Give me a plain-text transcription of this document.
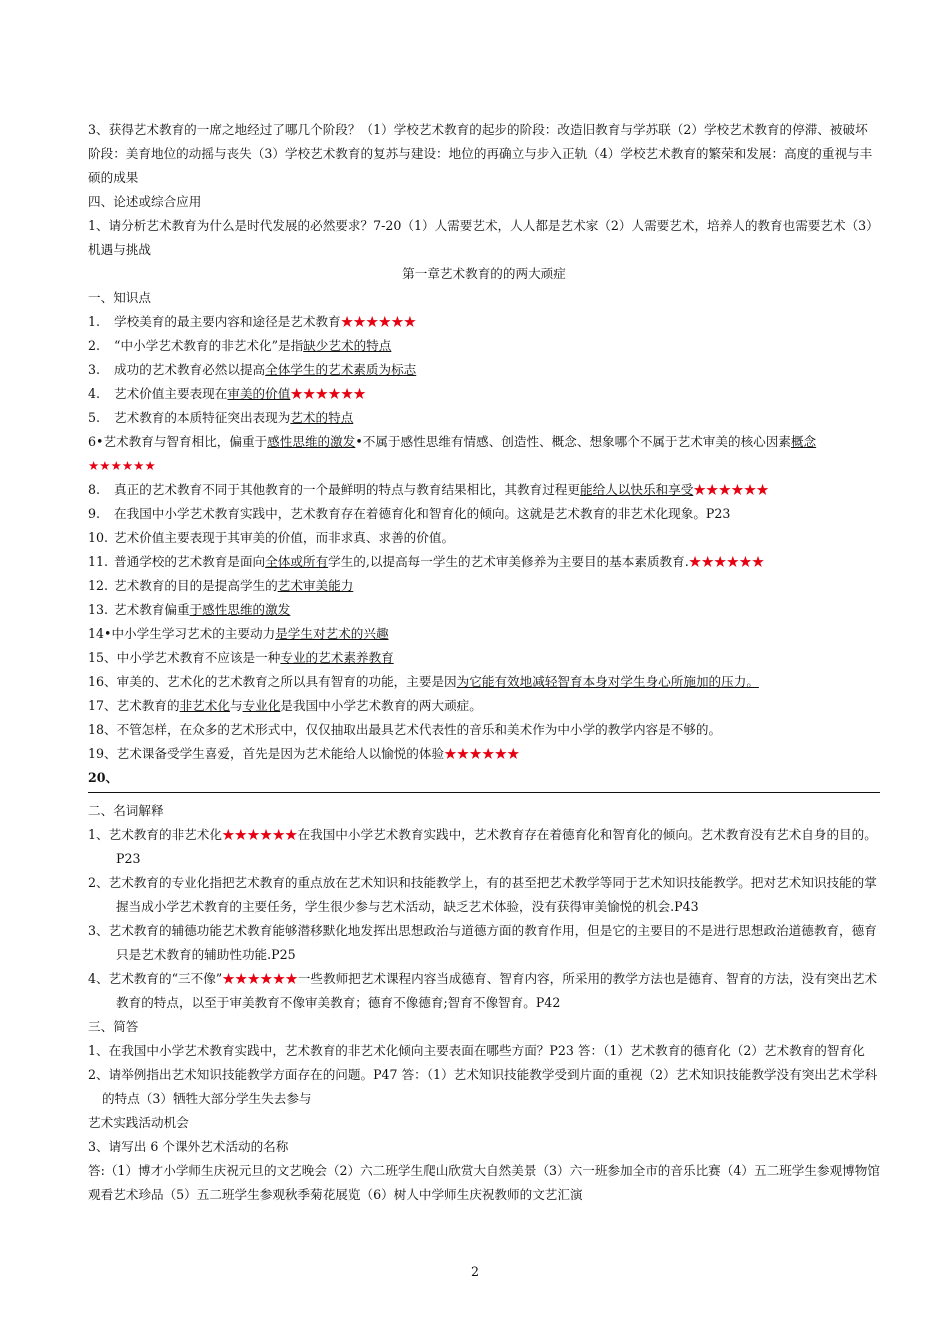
3、获得艺术教育的一席之地经过了哪几个阶段？（1）学校艺术教育的起步的阶段：改造旧教育与学苏联（2）学校艺术教育的停滞、被破坏阶段：美育地位的动摇与丧失（3）学校艺术教育的复苏与建设：地位的再确立与步入正轨（4）学校艺术教育的繁荣和发展：高度的重视与丰硕的成果
四、论述或综合应用
1、请分析艺术教育为什么是时代发展的必然要求？7-20（1）人需要艺术，人人都是艺术家（2）人需要艺术，培养人的教育也需要艺术（3）机遇与挑战
第一章艺术教育的的两大顽症
一、知识点
1. 学校美育的最主要内容和途径是艺术教育★★★★★★
2. “中小学艺术教育的非艺术化”是指缺少艺术的特点
3. 成功的艺术教育必然以提高全体学生的艺术素质为标志
4. 艺术价值主要表现在审美的价值★★★★★★
5. 艺术教育的本质特征突出表现为艺术的特点
6•艺术教育与智育相比，偏重于感性思维的激发•不属于感性思维有情感、创造性、概念、想象哪个不属于艺术审美的核心因素概念
★★★★★★
8. 真正的艺术教育不同于其他教育的一个最鲜明的特点与教育结果相比，其教育过程更能给人以快乐和享受★★★★★★
9. 在我国中小学艺术教育实践中，艺术教育存在着德育化和智育化的倾向。这就是艺术教育的非艺术化现象。P23
10. 艺术价值主要表现于其审美的价值，而非求真、求善的价值。
11. 普通学校的艺术教育是面向全体或所有学生的,以提高每一学生的艺术审美修养为主要目的基本素质教育.★★★★★★
12. 艺术教育的目的是提高学生的艺术审美能力
13. 艺术教育偏重于感性思维的激发
14•中小学生学习艺术的主要动力是学生对艺术的兴趣
15、中小学艺术教育不应该是一种专业的艺术素养教育
16、审美的、艺术化的艺术教育之所以具有智育的功能，主要是因为它能有效地减轻智育本身对学生身心所施加的压力。
17、艺术教育的非艺术化与专业化是我国中小学艺术教育的两大顽症。
18、不管怎样，在众多的艺术形式中，仅仅抽取出最具艺术代表性的音乐和美术作为中小学的教学内容是不够的。
19、艺术课备受学生喜爱，首先是因为艺术能给人以愉悦的体验★★★★★★
20、
二、名词解释
1、艺术教育的非艺术化★★★★★★在我国中小学艺术教育实践中，艺术教育存在着德育化和智育化的倾向。艺术教育没有艺术自身的目的。P23
2、艺术教育的专业化指把艺术教育的重点放在艺术知识和技能教学上，有的甚至把艺术教学等同于艺术知识技能教学。把对艺术知识技能的掌握当成小学艺术教育的主要任务，学生很少参与艺术活动，缺乏艺术体验，没有获得审美愉悦的机会.P43
3、艺术教育的辅德功能艺术教育能够潜移默化地发挥出思想政治与道德方面的教育作用，但是它的主要目的不是进行思想政治道德教育，德育只是艺术教育的辅助性功能.P25
4、艺术教育的“三不像”★★★★★★一些教师把艺术课程内容当成德育、智育内容，所采用的教学方法也是德育、智育的方法，没有突出艺术教育的特点，以至于审美教育不像审美教育；德育不像德育;智育不像智育。P42
三、简答
1、在我国中小学艺术教育实践中，艺术教育的非艺术化倾向主要表面在哪些方面？P23 答：（1）艺术教育的德育化（2）艺术教育的智育化
2、请举例指出艺术知识技能教学方面存在的问题。P47 答：（1）艺术知识技能教学受到片面的重视（2）艺术知识技能教学没有突出艺术学科的特点（3）牺牲大部分学生失去参与
艺术实践活动机会
3、请写出 6 个课外艺术活动的名称
答:（1）博才小学师生庆祝元旦的文艺晚会（2）六二班学生爬山欣赏大自然美景（3）六一班参加全市的音乐比赛（4）五二班学生参观博物馆观看艺术珍品（5）五二班学生参观秋季菊花展览（6）树人中学师生庆祝教师的文艺汇演
2
